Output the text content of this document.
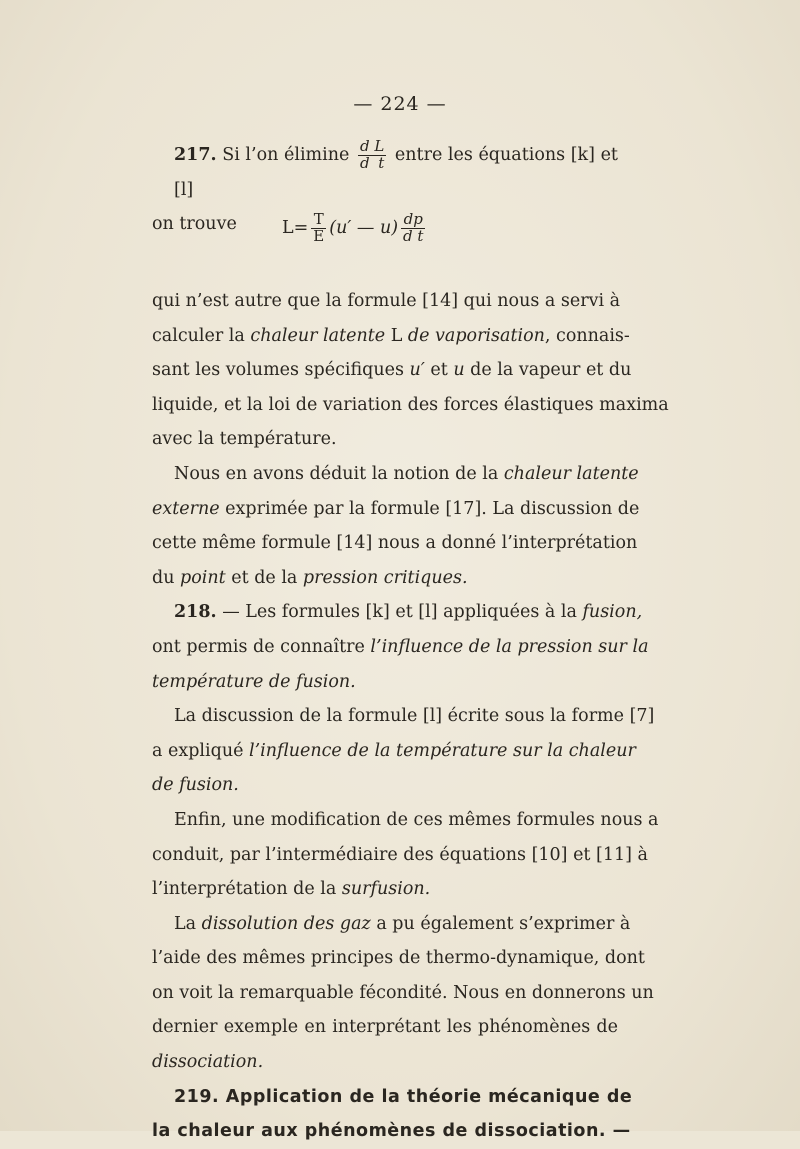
— 224 —
217. Si l’on élimine $\frac{\text{d L}}{\text{d t}}$ entre les équations [k] et [l]
on trouve	$L= \frac{T}{E} (u'$ — $u) \frac{dp}{\text{d t}}$
qui n’est autre que la formule [14] qui nous a servi à
calculer la chaleur latente L de vaporisation, connais-
sant les volumes spécifiques u′ et u de la vapeur et du
liquide, et la loi de variation des forces élastiques maxima
avec la température.
Nous en avons déduit la notion de la chaleur latente
externe exprimée par la formule [17]. La discussion de
cette même formule [14] nous a donné l’interprétation
du point et de la pression critiques.
218. — Les formules [k] et [l] appliquées à la fusion,
ont permis de connaître l’influence de la pression sur la
température de fusion.
La discussion de la formule [l] écrite sous la forme [7]
a expliqué l’influence de la température sur la chaleur
de fusion.
Enfin, une modification de ces mêmes formules nous a
conduit, par l’intermédiaire des équations [10] et [11] à
l’interprétation de la surfusion.
La dissolution des gaz a pu également s’exprimer à
l’aide des mêmes principes de thermo-dynamique, dont
on voit la remarquable fécondité. Nous en donnerons un
dernier exemple en interprétant les phénomènes de
dissociation.
219. Application de la théorie mécanique de
la chaleur aux phénomènes de dissociation. —
